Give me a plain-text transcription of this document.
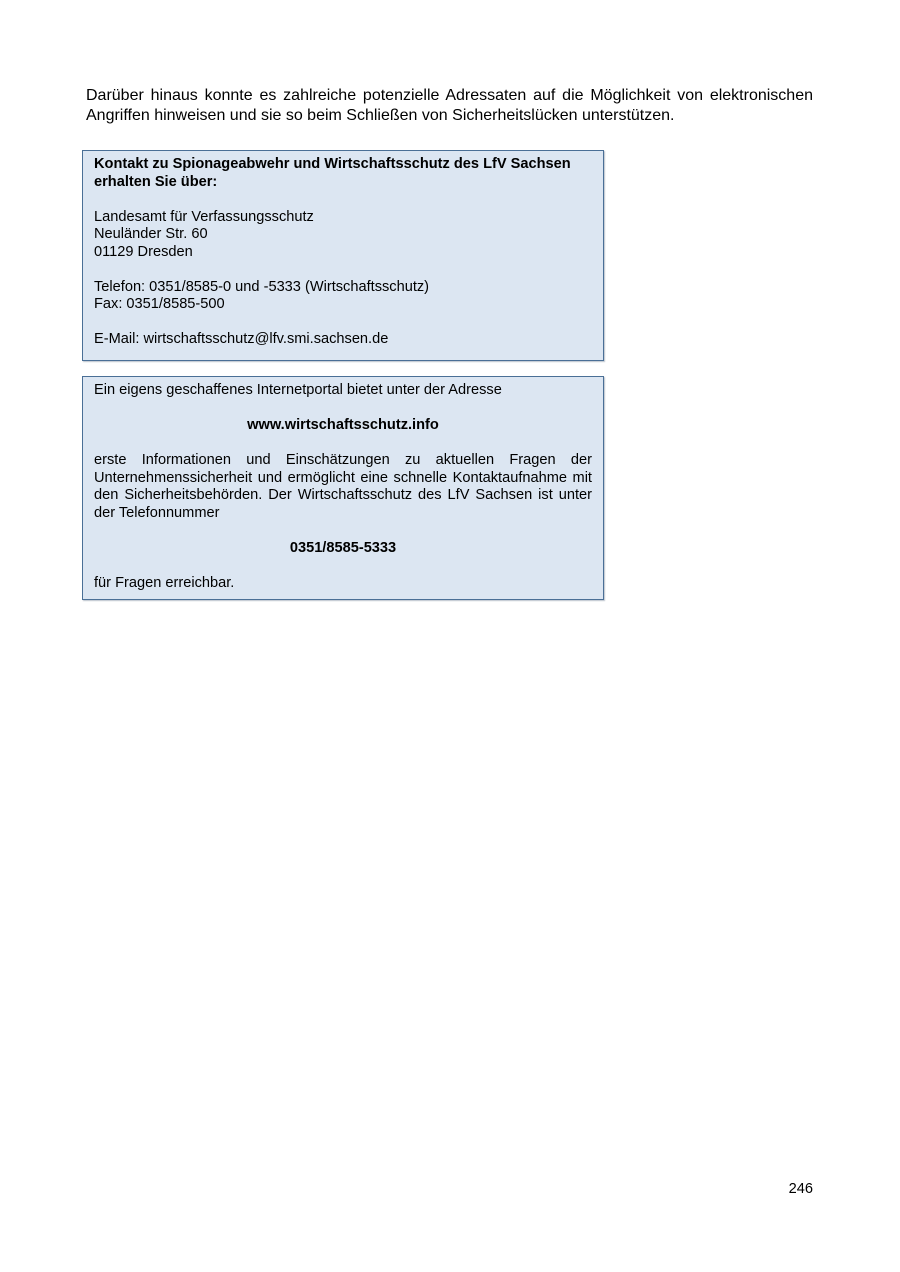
Darüber hinaus konnte es zahlreiche potenzielle Adressaten auf die Möglichkeit von elektronischen Angriffen hinweisen und sie so beim Schließen von Sicherheitslücken unterstützen.

Kontakt zu Spionageabwehr und Wirtschaftsschutz des LfV Sachsen erhalten Sie über:

Landesamt für Verfassungsschutz

Neuländer Str. 60

01129 Dresden

Telefon: 0351/8585-0 und -5333 (Wirtschaftsschutz)

Fax: 0351/8585-500

E-Mail: wirtschaftsschutz@lfv.smi.sachsen.de

Ein eigens geschaffenes Internetportal bietet unter der Adresse

www.wirtschaftsschutz.info

erste Informationen und Einschätzungen zu aktuellen Fragen der Unternehmenssicherheit und ermöglicht eine schnelle Kontaktaufnahme mit den Sicherheitsbehörden. Der Wirtschaftsschutz des LfV Sachsen ist unter der Telefonnummer

0351/8585-5333

für Fragen erreichbar.

246
